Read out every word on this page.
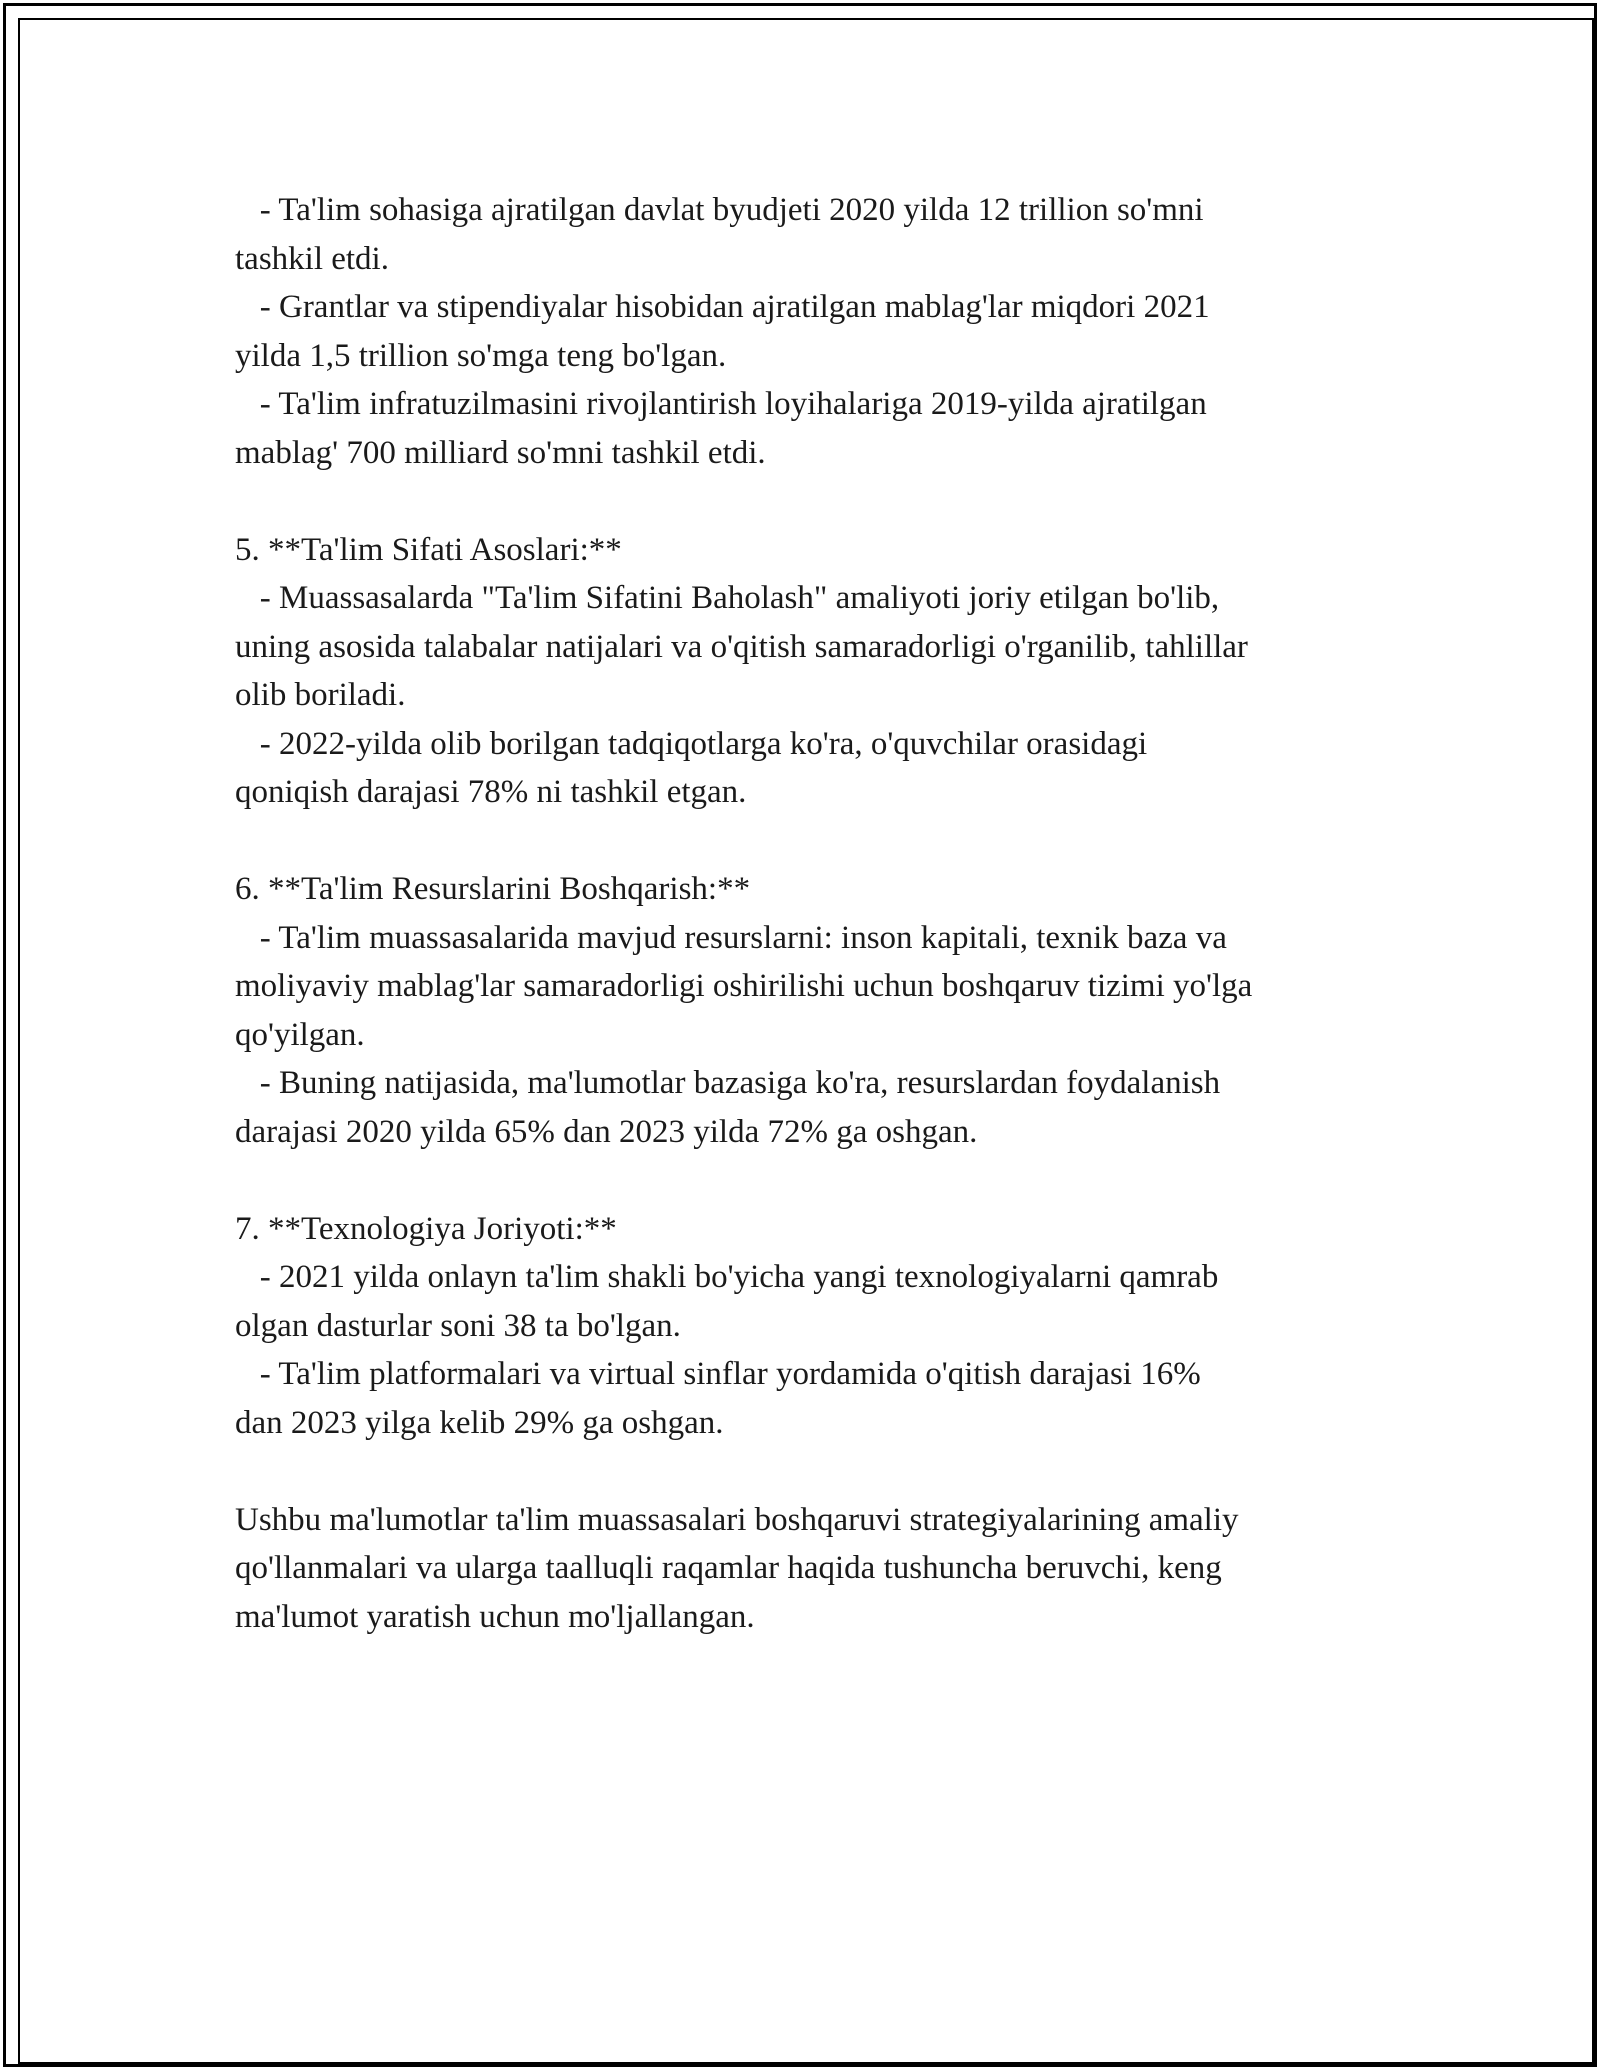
- Ta'lim sohasiga ajratilgan davlat byudjeti 2020 yilda 12 trillion so'mni
tashkil etdi.
- Grantlar va stipendiyalar hisobidan ajratilgan mablag'lar miqdori 2021
yilda 1,5 trillion so'mga teng bo'lgan.
- Ta'lim infratuzilmasini rivojlantirish loyihalariga 2019-yilda ajratilgan
mablag' 700 milliard so'mni tashkil etdi.
5. **Ta'lim Sifati Asoslari:**
- Muassasalarda "Ta'lim Sifatini Baholash" amaliyoti joriy etilgan bo'lib,
uning asosida talabalar natijalari va o'qitish samaradorligi o'rganilib, tahlillar
olib boriladi.
- 2022-yilda olib borilgan tadqiqotlarga ko'ra, o'quvchilar orasidagi
qoniqish darajasi 78% ni tashkil etgan.
6. **Ta'lim Resurslarini Boshqarish:**
- Ta'lim muassasalarida mavjud resurslarni: inson kapitali, texnik baza va
moliyaviy mablag'lar samaradorligi oshirilishi uchun boshqaruv tizimi yo'lga
qo'yilgan.
- Buning natijasida, ma'lumotlar bazasiga ko'ra, resurslardan foydalanish
darajasi 2020 yilda 65% dan 2023 yilda 72% ga oshgan.
7. **Texnologiya Joriyoti:**
- 2021 yilda onlayn ta'lim shakli bo'yicha yangi texnologiyalarni qamrab
olgan dasturlar soni 38 ta bo'lgan.
- Ta'lim platformalari va virtual sinflar yordamida o'qitish darajasi 16%
dan 2023 yilga kelib 29% ga oshgan.
Ushbu ma'lumotlar ta'lim muassasalari boshqaruvi strategiyalarining amaliy
qo'llanmalari va ularga taalluqli raqamlar haqida tushuncha beruvchi, keng
ma'lumot yaratish uchun mo'ljallangan.
